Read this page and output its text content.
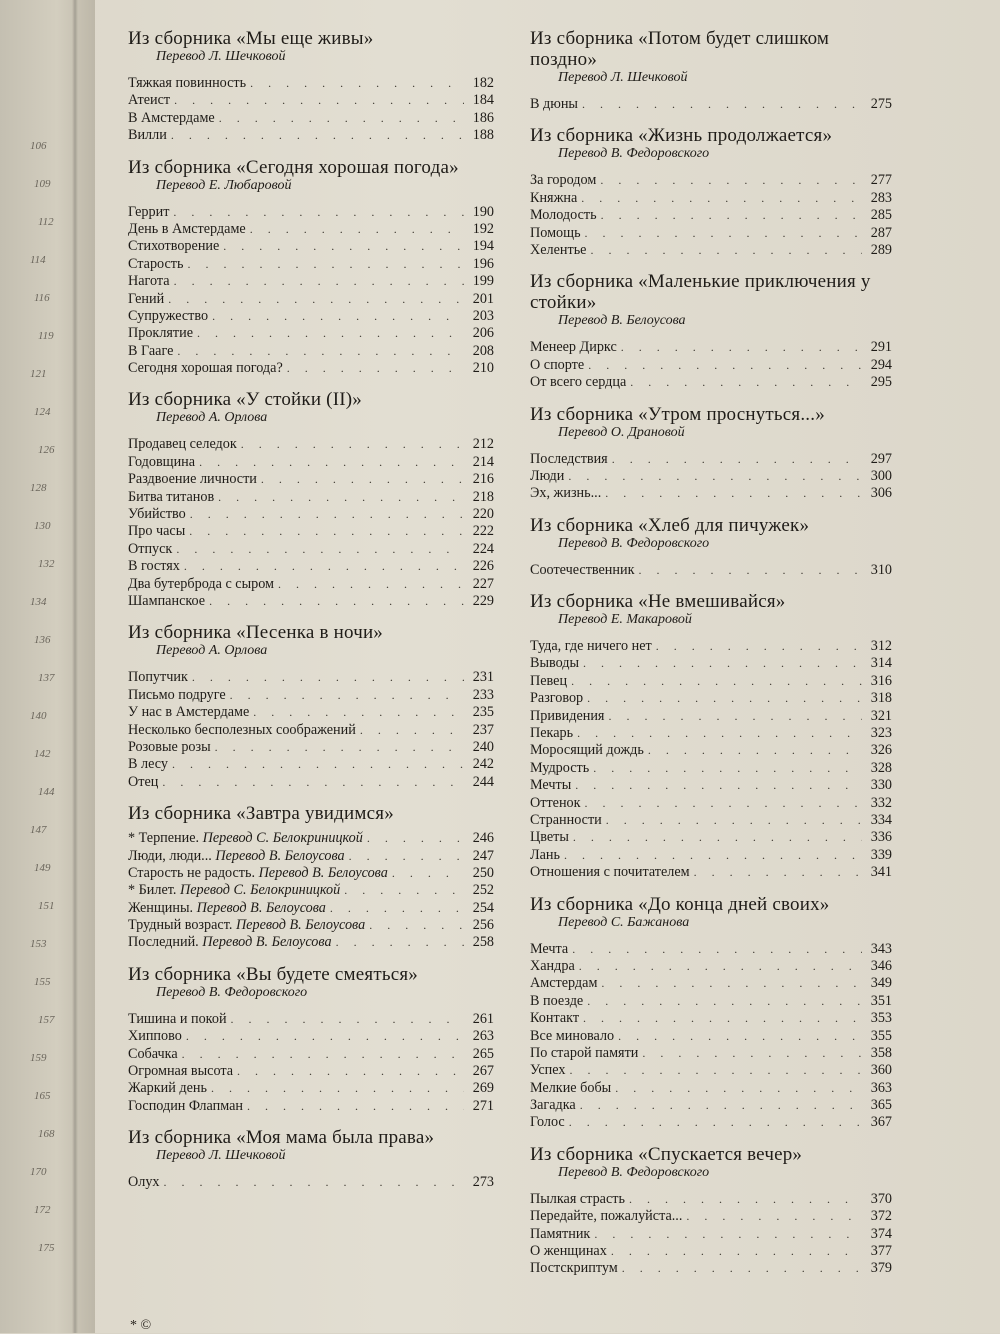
106
109
112
114
116
119
121
124
126
128
130
132
134
136
137
140
142
144
147
149
151
153
155
157
159
165
168
170
172
175
Из сборника «Мы еще живы»
Перевод Л. Шечковой
Тяжкая повинность . . .	182
Атеист . . .	184
В Амстердаме . . .	186
Вилли . . .	188
Из сборника «Сегодня хорошая погода»
Перевод Е. Любаровой
Геррит . . .	190
День в Амстердаме . . .	192
Стихотворение . . .	194
Старость . . .	196
Нагота . . .	199
Гений . . .	201
Супружество . . .	203
Проклятие . . .	206
В Гааге . . .	208
Сегодня хорошая погода? . . .	210
Из сборника «У стойки (II)»
Перевод А. Орлова
Продавец селедок . . .	212
Годовщина . . .	214
Раздвоение личности . . .	216
Битва титанов . . .	218
Убийство . . .	220
Про часы . . .	222
Отпуск . . .	224
В гостях . . .	226
Два бутерброда с сыром . . .	227
Шампанское . . .	229
Из сборника «Песенка в ночи»
Перевод А. Орлова
Попутчик . . .	231
Письмо подруге . . .	233
У нас в Амстердаме . . .	235
Несколько бесполезных соображений . . .	237
Розовые розы . . .	240
В лесу . . .	242
Отец . . .	244
Из сборника «Завтра увидимся»
* Терпение. Перевод С. Белокриницкой . . .	246
Люди, люди... Перевод В. Белоусова . . .	247
Старость не радость. Перевод В. Белоусова . . .	250
* Билет. Перевод С. Белокриницкой . . .	252
Женщины. Перевод В. Белоусова . . .	254
Трудный возраст. Перевод В. Белоусова . . .	256
Последний. Перевод В. Белоусова . . .	258
Из сборника «Вы будете смеяться»
Перевод В. Федоровского
Тишина и покой . . .	261
Хиппово . . .	263
Собачка . . .	265
Огромная высота . . .	267
Жаркий день . . .	269
Господин Флапман . . .	271
Из сборника «Моя мама была права»
Перевод Л. Шечковой
Олух . . .	273
Из сборника «Потом будет слишком поздно»
Перевод Л. Шечковой
В дюны . . .	275
Из сборника «Жизнь продолжается»
Перевод В. Федоровского
За городом . . .	277
Княжна . . .	283
Молодость . . .	285
Помощь . . .	287
Хелентье . . .	289
Из сборника «Маленькие приключения у стойки»
Перевод В. Белоусова
Менеер Диркс . . .	291
О спорте . . .	294
От всего сердца . . .	295
Из сборника «Утром проснуться...»
Перевод О. Драновой
Последствия . . .	297
Люди . . .	300
Эх, жизнь... . . .	306
Из сборника «Хлеб для пичужек»
Перевод В. Федоровского
Соотечественник . . .	310
Из сборника «Не вмешивайся»
Перевод Е. Макаровой
Туда, где ничего нет . . .	312
Выводы . . .	314
Певец . . .	316
Разговор . . .	318
Привидения . . .	321
Пекарь . . .	323
Моросящий дождь . . .	326
Мудрость . . .	328
Мечты . . .	330
Оттенок . . .	332
Странности . . .	334
Цветы . . .	336
Лань . . .	339
Отношения с почитателем . . .	341
Из сборника «До конца дней своих»
Перевод С. Бажанова
Мечта . . .	343
Хандра . . .	346
Амстердам . . .	349
В поезде . . .	351
Контакт . . .	353
Все миновало . . .	355
По старой памяти . . .	358
Успех . . .	360
Мелкие бобы . . .	363
Загадка . . .	365
Голос . . .	367
Из сборника «Спускается вечер»
Перевод В. Федоровского
Пылкая страсть . . .	370
Передайте, пожалуйста... . . .	372
Памятник . . .	374
О женщинах . . .	377
Постскриптум . . .	379
* ©
